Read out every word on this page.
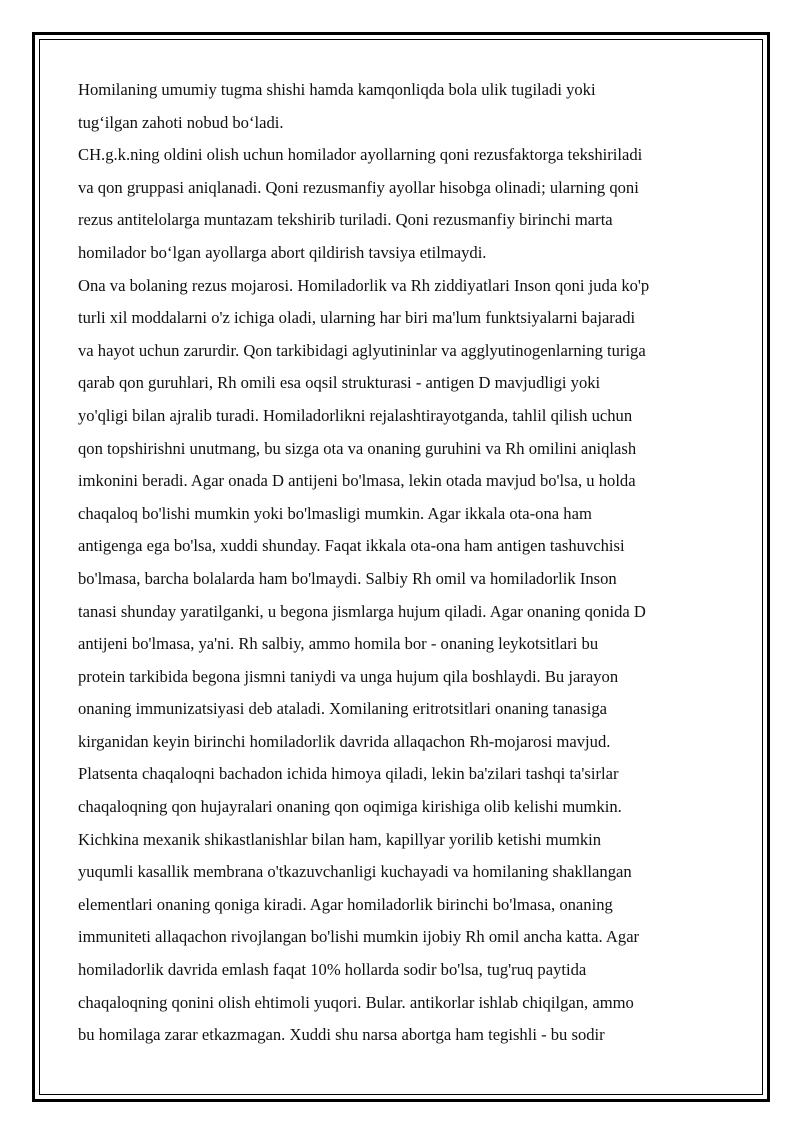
Homilaning umumiy tugma shishi hamda kamqonliqda bola ulik tugiladi yoki
tug‘ilgan zahoti nobud bo‘ladi.
CH.g.k.ning oldini olish uchun homilador ayollarning qoni rezusfaktorga tekshiriladi
va qon gruppasi aniqlanadi. Qoni rezusmanfiy ayollar hisobga olinadi; ularning qoni
rezus antitelolarga muntazam tekshirib turiladi. Qoni rezusmanfiy birinchi marta
homilador bo‘lgan ayollarga abort qildirish tavsiya etilmaydi.
Ona va bolaning rezus mojarosi. Homiladorlik va Rh ziddiyatlari Inson qoni juda ko'p
turli xil moddalarni o'z ichiga oladi, ularning har biri ma'lum funktsiyalarni bajaradi
va hayot uchun zarurdir. Qon tarkibidagi aglyutininlar va agglyutinogenlarning turiga
qarab qon guruhlari, Rh omili esa oqsil strukturasi - antigen D mavjudligi yoki
yo'qligi bilan ajralib turadi. Homiladorlikni rejalashtirayotganda, tahlil qilish uchun
qon topshirishni unutmang, bu sizga ota va onaning guruhini va Rh omilini aniqlash
imkonini beradi. Agar onada D antijeni bo'lmasa, lekin otada mavjud bo'lsa, u holda
chaqaloq bo'lishi mumkin yoki bo'lmasligi mumkin. Agar ikkala ota-ona ham
antigenga ega bo'lsa, xuddi shunday. Faqat ikkala ota-ona ham antigen tashuvchisi
bo'lmasa, barcha bolalarda ham bo'lmaydi. Salbiy Rh omil va homiladorlik Inson
tanasi shunday yaratilganki, u begona jismlarga hujum qiladi. Agar onaning qonida D
antijeni bo'lmasa, ya'ni. Rh salbiy, ammo homila bor - onaning leykotsitlari bu
protein tarkibida begona jismni taniydi va unga hujum qila boshlaydi. Bu jarayon
onaning immunizatsiyasi deb ataladi. Xomilaning eritrotsitlari onaning tanasiga
kirganidan keyin birinchi homiladorlik davrida allaqachon Rh-mojarosi mavjud.
Platsenta chaqaloqni bachadon ichida himoya qiladi, lekin ba'zilari tashqi ta'sirlar
chaqaloqning qon hujayralari onaning qon oqimiga kirishiga olib kelishi mumkin.
Kichkina mexanik shikastlanishlar bilan ham, kapillyar yorilib ketishi mumkin
yuqumli kasallik membrana o'tkazuvchanligi kuchayadi va homilaning shakllangan
elementlari onaning qoniga kiradi. Agar homiladorlik birinchi bo'lmasa, onaning
immuniteti allaqachon rivojlangan bo'lishi mumkin ijobiy Rh omil ancha katta. Agar
homiladorlik davrida emlash faqat 10% hollarda sodir bo'lsa, tug'ruq paytida
chaqaloqning qonini olish ehtimoli yuqori. Bular. antikorlar ishlab chiqilgan, ammo
bu homilaga zarar etkazmagan. Xuddi shu narsa abortga ham tegishli - bu sodir
